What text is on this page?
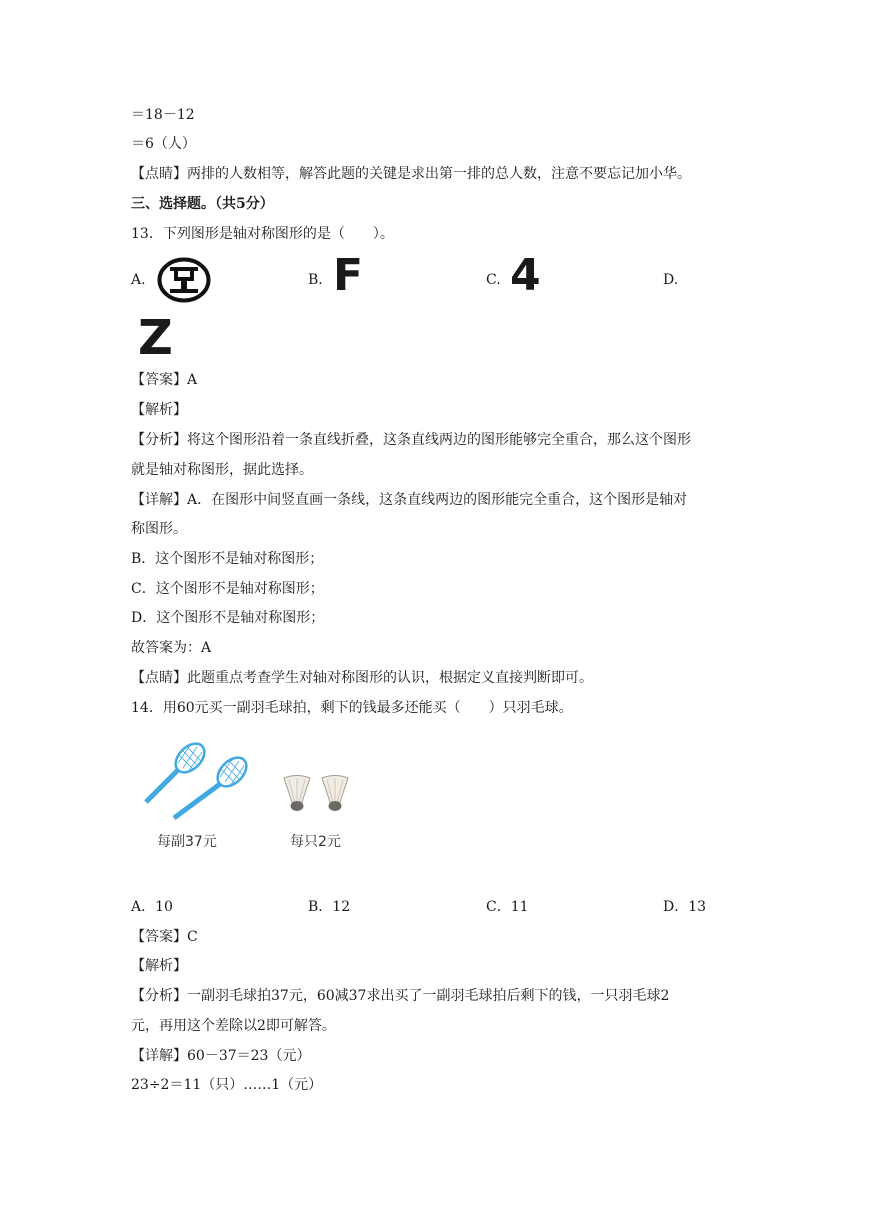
＝18－12
＝6（人）
【点睛】两排的人数相等，解答此题的关键是求出第一排的总人数，注意不要忘记加小华。
三、选择题。（共5分）
13．下列图形是轴对称图形的是（　　）。
A.	B. F	C. 4	D.
Z
【答案】A
【解析】
【分析】将这个图形沿着一条直线折叠，这条直线两边的图形能够完全重合，那么这个图形
就是轴对称图形，据此选择。
【详解】A．在图形中间竖直画一条线，这条直线两边的图形能完全重合，这个图形是轴对
称图形。
B．这个图形不是轴对称图形；
C．这个图形不是轴对称图形；
D．这个图形不是轴对称图形；
故答案为：A
【点睛】此题重点考查学生对轴对称图形的认识，根据定义直接判断即可。
14．用60元买一副羽毛球拍，剩下的钱最多还能买（　　）只羽毛球。
每副37元	每只2元
A．10	B．12	C．11	D．13
【答案】C
【解析】
【分析】一副羽毛球拍37元，60减37求出买了一副羽毛球拍后剩下的钱，一只羽毛球2
元，再用这个差除以2即可解答。
【详解】60－37＝23（元）
23÷2＝11（只）……1（元）
